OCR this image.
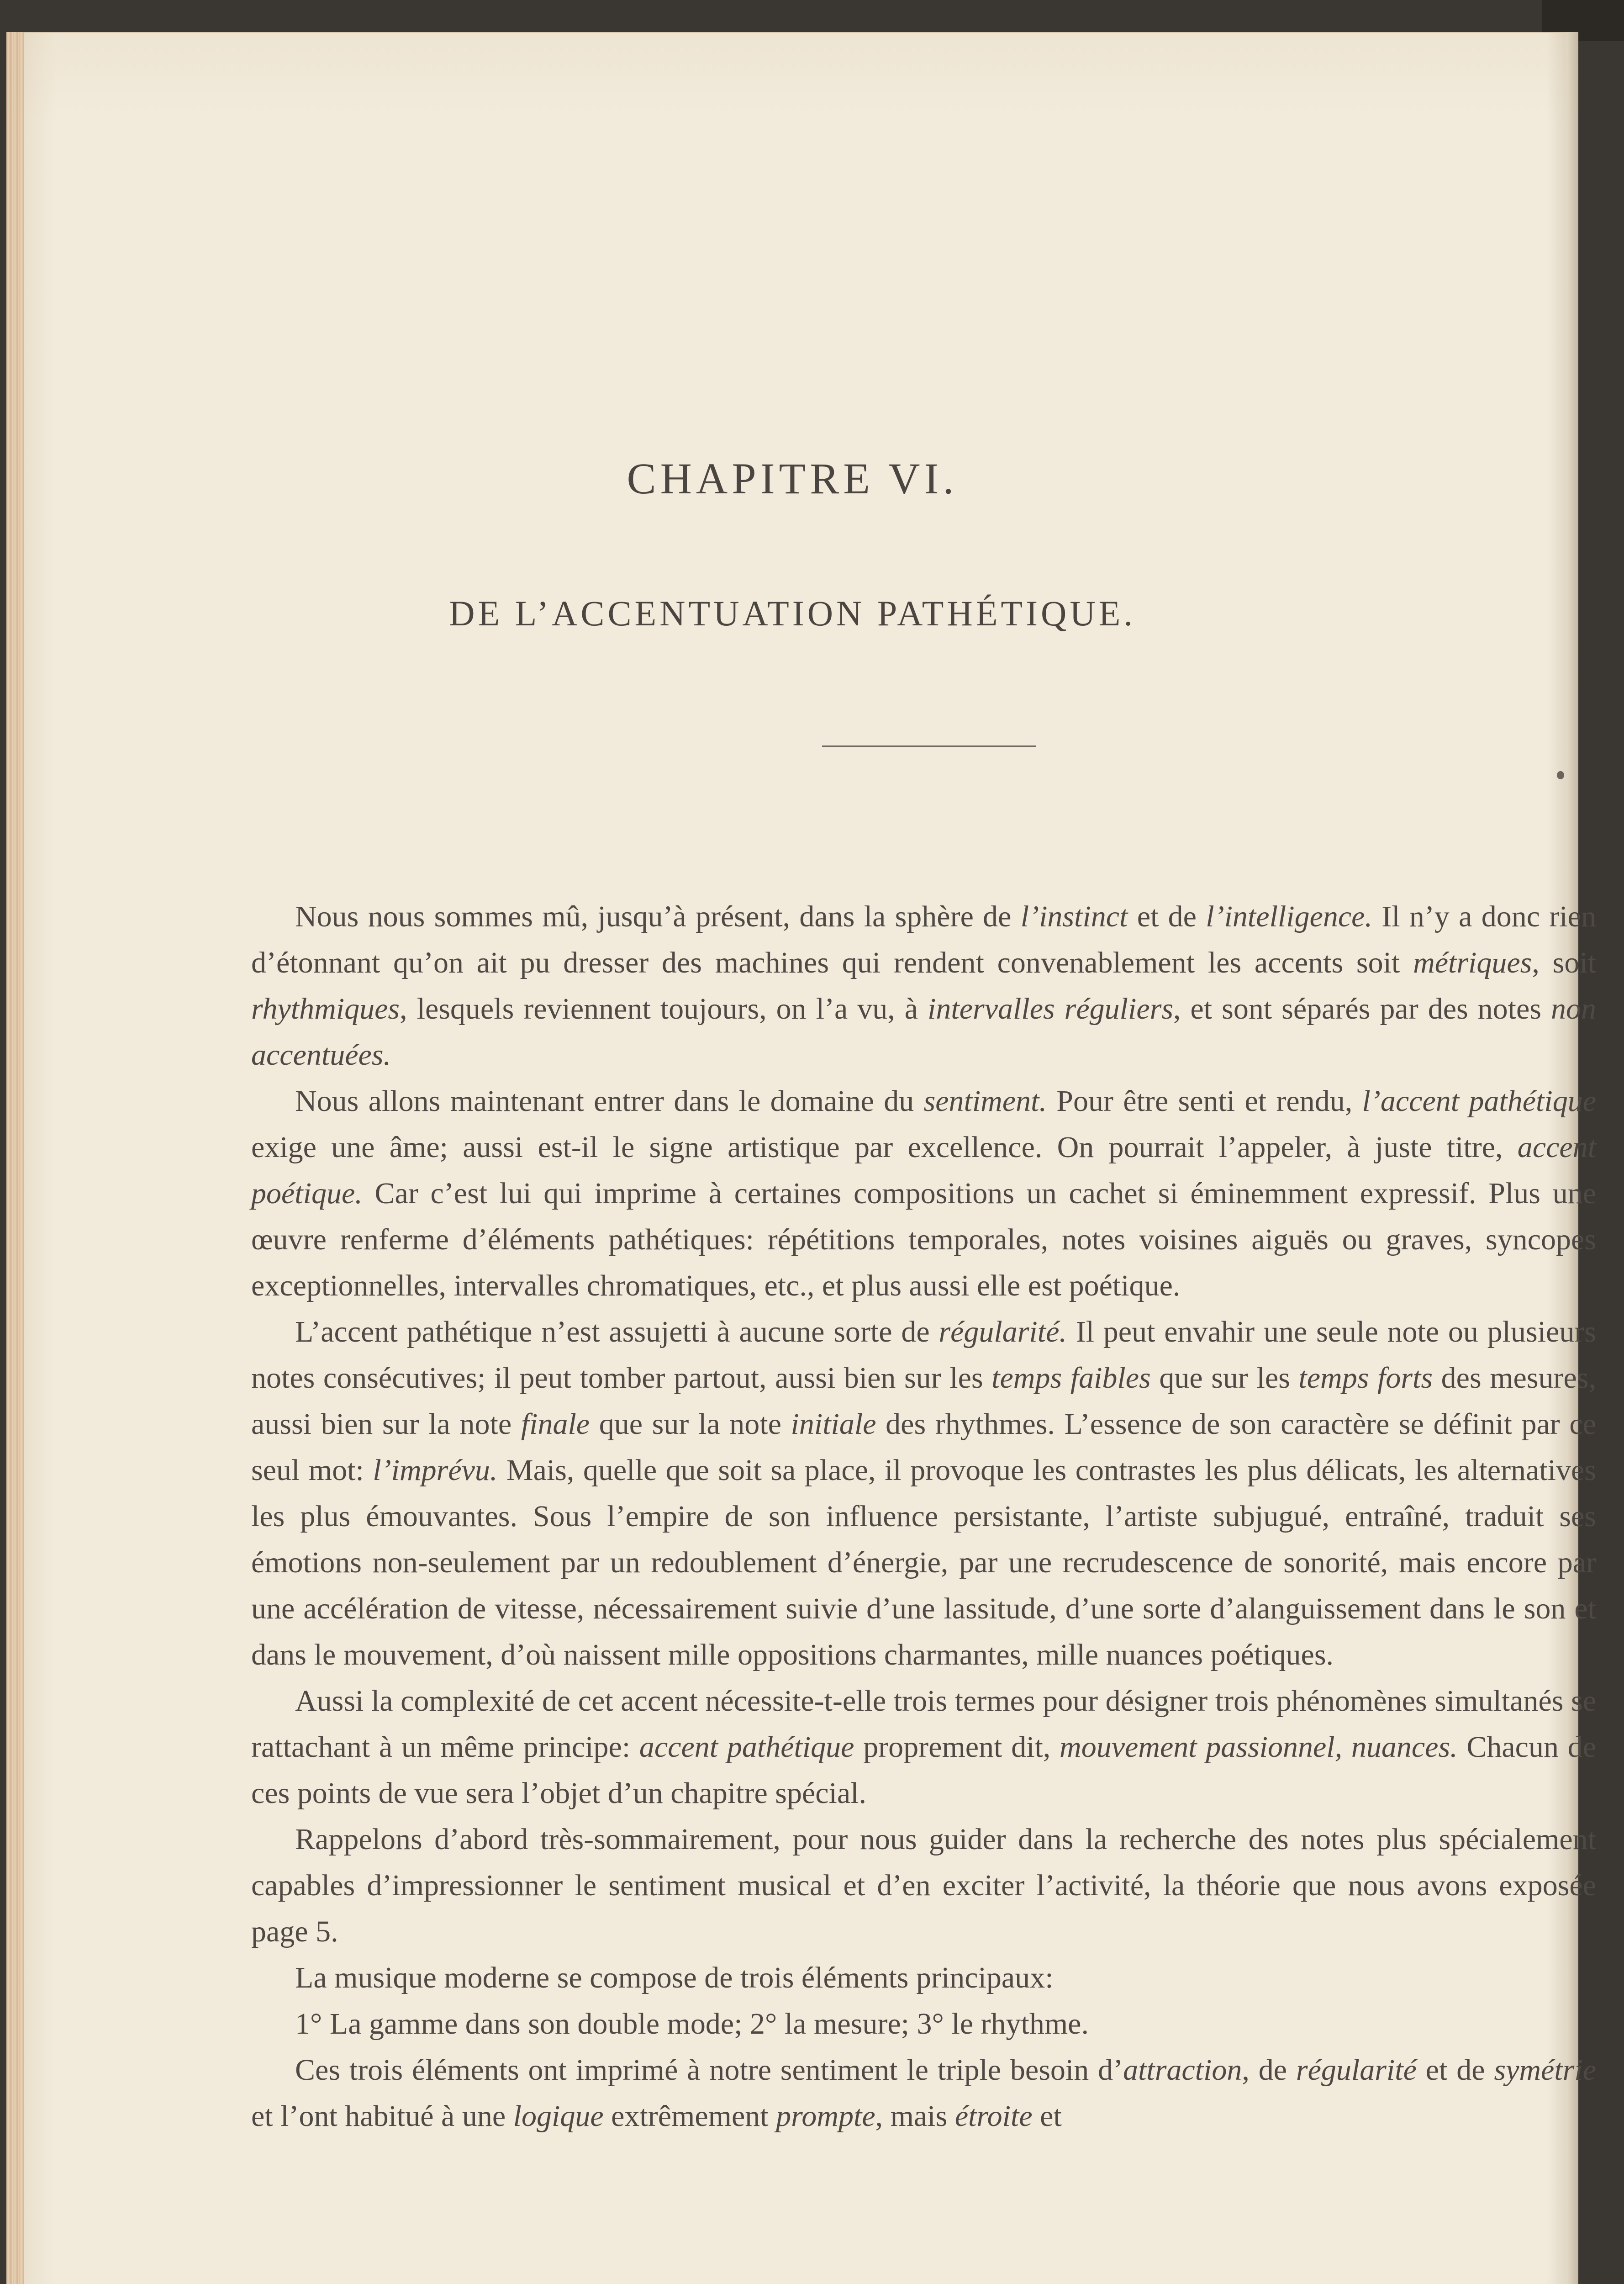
CHAPITRE VI.
DE L’ACCENTUATION PATHÉTIQUE.

Nous nous sommes mû, jusqu’à présent, dans la sphère de l’instinct et de l’intelligence. Il n’y a donc rien d’étonnant qu’on ait pu dresser des machines qui rendent convenablement les accents soit métriques, soit rhythmiques, lesquels reviennent toujours, on l’a vu, à intervalles réguliers, et sont séparés par des notes non accentuées.

Nous allons maintenant entrer dans le domaine du sentiment. Pour être senti et rendu, l’accent pathétique exige une âme; aussi est-il le signe artistique par excellence. On pourrait l’appeler, à juste titre, accent poétique. Car c’est lui qui imprime à certaines compositions un cachet si éminemment expressif. Plus une œuvre renferme d’éléments pathétiques: répétitions temporales, notes voisines aiguës ou graves, syncopes exceptionnelles, intervalles chromatiques, etc., et plus aussi elle est poétique.

L’accent pathétique n’est assujetti à aucune sorte de régularité. Il peut envahir une seule note ou plusieurs notes consécutives; il peut tomber partout, aussi bien sur les temps faibles que sur les temps forts des mesures, aussi bien sur la note finale que sur la note initiale des rhythmes. L’essence de son caractère se définit par ce seul mot: l’imprévu. Mais, quelle que soit sa place, il provoque les contrastes les plus délicats, les alternatives les plus émouvantes. Sous l’empire de son influence persistante, l’artiste subjugué, entraîné, traduit ses émotions non-seulement par un redoublement d’énergie, par une recrudescence de sonorité, mais encore par une accélération de vitesse, nécessairement suivie d’une lassitude, d’une sorte d’alanguissement dans le son et dans le mouvement, d’où naissent mille oppositions charmantes, mille nuances poétiques.

Aussi la complexité de cet accent nécessite-t-elle trois termes pour désigner trois phénomènes simultanés se rattachant à un même principe: accent pathétique proprement dit, mouvement passionnel, nuances. Chacun de ces points de vue sera l’objet d’un chapitre spécial.

Rappelons d’abord très-sommairement, pour nous guider dans la recherche des notes plus spécialement capables d’impressionner le sentiment musical et d’en exciter l’activité, la théorie que nous avons exposée page 5.

La musique moderne se compose de trois éléments principaux:

1° La gamme dans son double mode; 2° la mesure; 3° le rhythme.

Ces trois éléments ont imprimé à notre sentiment le triple besoin d’attraction, de régularité et de symétrie et l’ont habitué à une logique extrêmement prompte, mais étroite et
